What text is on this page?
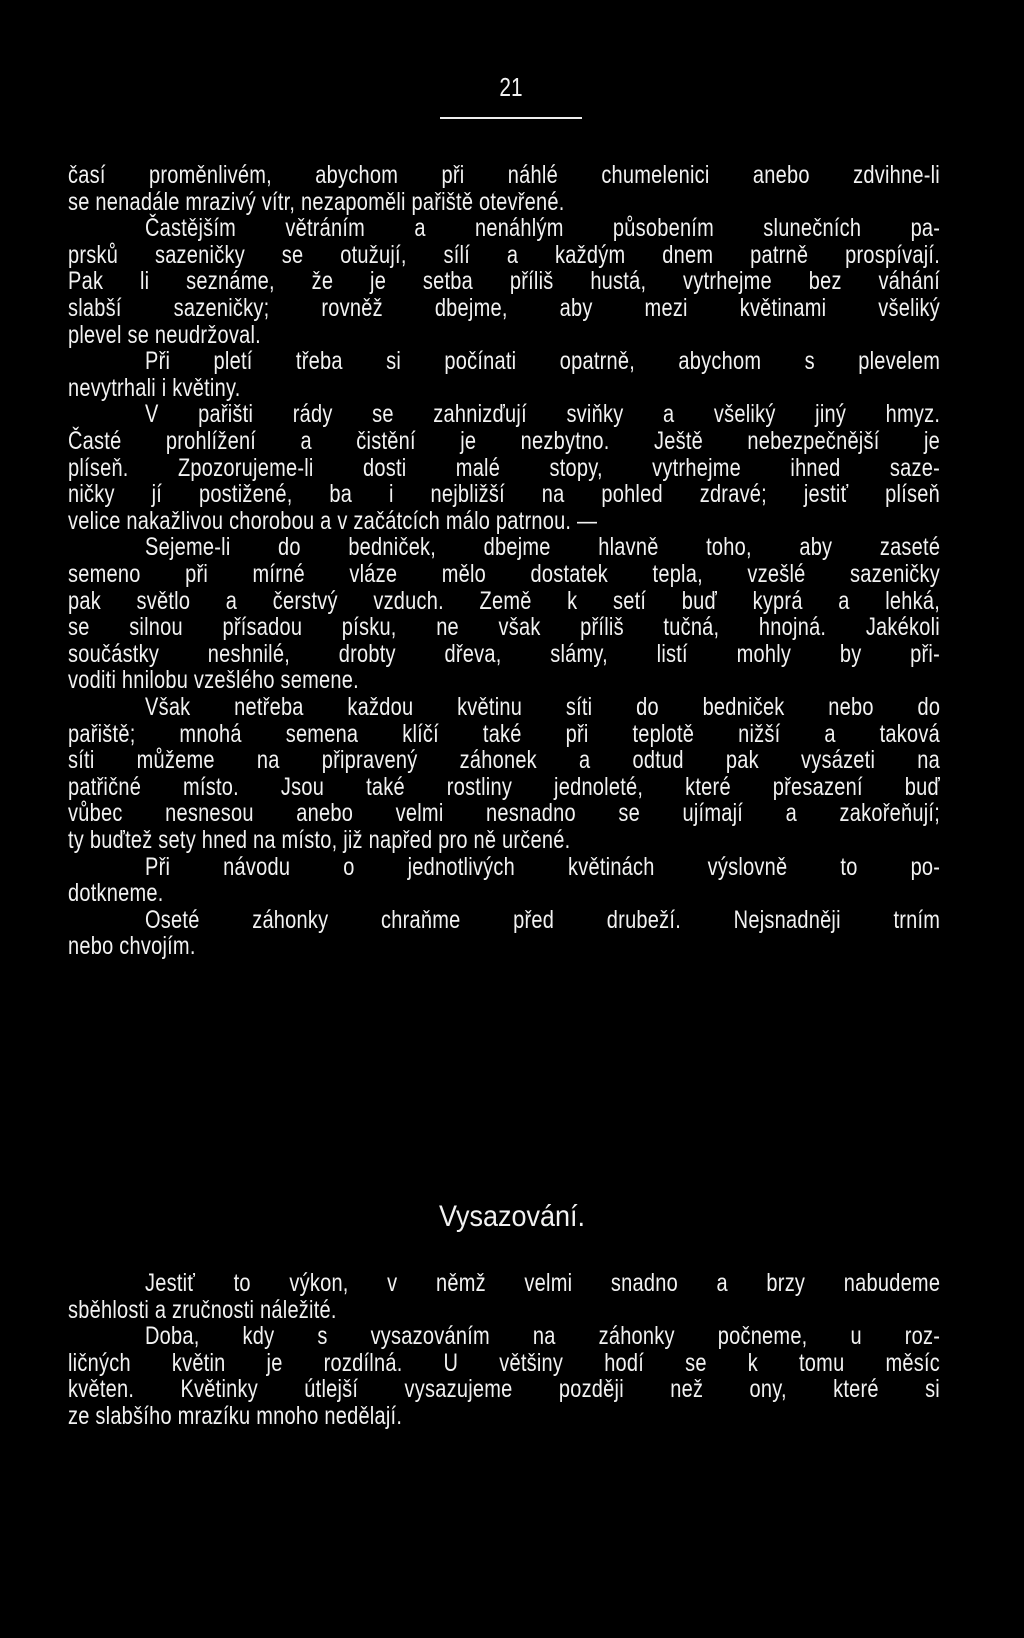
21
časí proměnlivém, abychom při náhlé chumelenici anebo zdvihne-li
se nenadále mrazivý vítr, nezapoměli pařiště otevřené.
Častějším větráním a nenáhlým působením slunečních pa-
prsků sazeničky se otužují, sílí a každým dnem patrně prospívají.
Pak li seznáme, že je setba příliš hustá, vytrhejme bez váhání
slabší sazeničky; rovněž dbejme, aby mezi květinami všeliký
plevel se neudržoval.
Při pletí třeba si počínati opatrně, abychom s plevelem
nevytrhali i květiny.
V pařišti rády se zahnizďují sviňky a všeliký jiný hmyz.
Časté prohlížení a čistění je nezbytno. Ještě nebezpečnější je
plíseň. Zpozorujeme-li dosti malé stopy, vytrhejme ihned saze-
ničky jí postižené, ba i nejbližší na pohled zdravé; jestiť plíseň
velice nakažlivou chorobou a v začátcích málo patrnou. —
Sejeme-li do bedniček, dbejme hlavně toho, aby zaseté
semeno při mírné vláze mělo dostatek tepla, vzešlé sazeničky
pak světlo a čerstvý vzduch. Země k setí buď kyprá a lehká,
se silnou přísadou písku, ne však příliš tučná, hnojná. Jakékoli
součástky neshnilé, drobty dřeva, slámy, listí mohly by při-
voditi hnilobu vzešlého semene.
Však netřeba každou květinu síti do bedniček nebo do
pařiště; mnohá semena klíčí také při teplotě nižší a taková
síti můžeme na připravený záhonek a odtud pak vysázeti na
patřičné místo. Jsou také rostliny jednoleté, které přesazení buď
vůbec nesnesou anebo velmi nesnadno se ujímají a zakořeňují;
ty buďtež sety hned na místo, již napřed pro ně určené.
Při návodu o jednotlivých květinách výslovně to po-
dotkneme.
Oseté záhonky chraňme před drubeží. Nejsnadněji trním
nebo chvojím.
Vysazování.
Jestiť to výkon, v němž velmi snadno a brzy nabudeme
sběhlosti a zručnosti náležité.
Doba, kdy s vysazováním na záhonky počneme, u roz-
ličných květin je rozdílná. U většiny hodí se k tomu měsíc
květen. Květinky útlejší vysazujeme později než ony, které si
ze slabšího mrazíku mnoho nedělají.
